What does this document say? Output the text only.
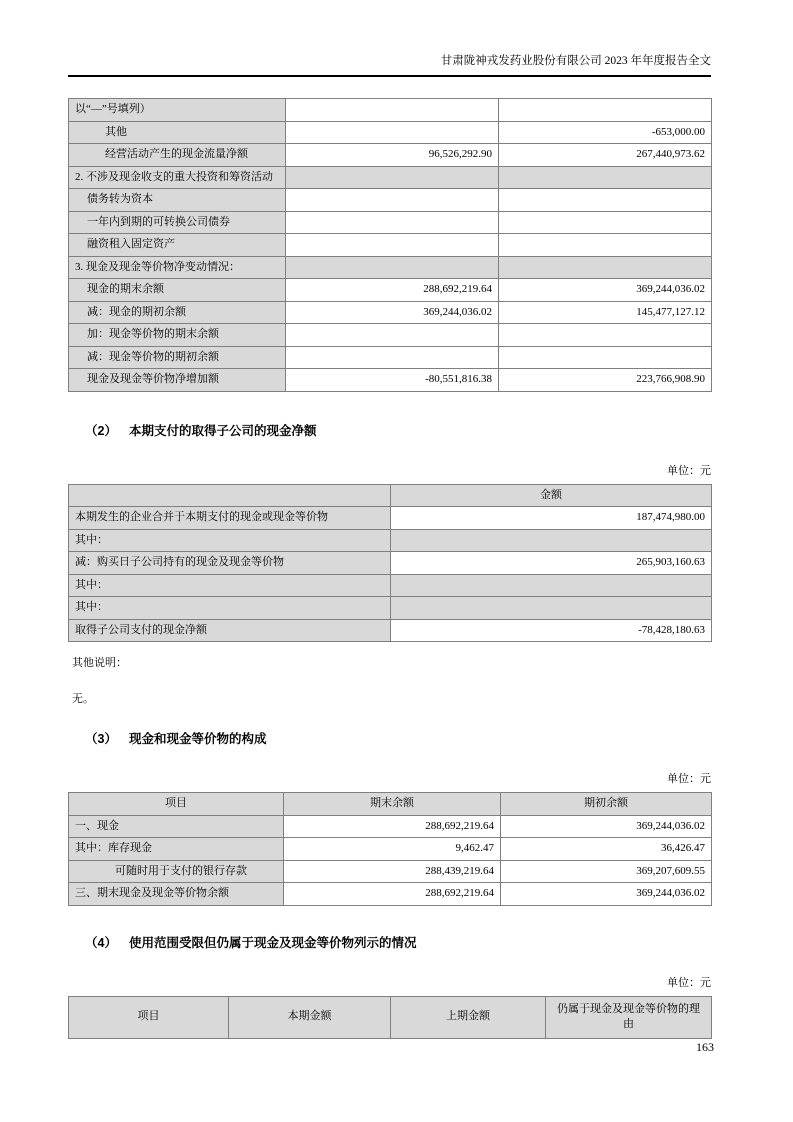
甘肃陇神戎发药业股份有限公司 2023 年年度报告全文
以“—”号填列）		
其他		-653,000.00
经营活动产生的现金流量净额	96,526,292.90	267,440,973.62
2. 不涉及现金收支的重大投资和筹资活动		
债务转为资本		
一年内到期的可转换公司债券		
融资租入固定资产		
3. 现金及现金等价物净变动情况：		
现金的期末余额	288,692,219.64	369,244,036.02
减：现金的期初余额	369,244,036.02	145,477,127.12
加：现金等价物的期末余额		
减：现金等价物的期初余额		
现金及现金等价物净增加额	-80,551,816.38	223,766,908.90
（2） 本期支付的取得子公司的现金净额
单位：元
	金额
本期发生的企业合并于本期支付的现金或现金等价物	187,474,980.00
其中：	
减：购买日子公司持有的现金及现金等价物	265,903,160.63
其中：	
其中：	
取得子公司支付的现金净额	-78,428,180.63
其他说明：
无。
（3） 现金和现金等价物的构成
单位：元
项目	期末余额	期初余额
一、现金	288,692,219.64	369,244,036.02
其中：库存现金	9,462.47	36,426.47
可随时用于支付的银行存款	288,439,219.64	369,207,609.55
三、期末现金及现金等价物余额	288,692,219.64	369,244,036.02
（4） 使用范围受限但仍属于现金及现金等价物列示的情况
单位：元
项目	本期金额	上期金额	仍属于现金及现金等价物的理由
163
